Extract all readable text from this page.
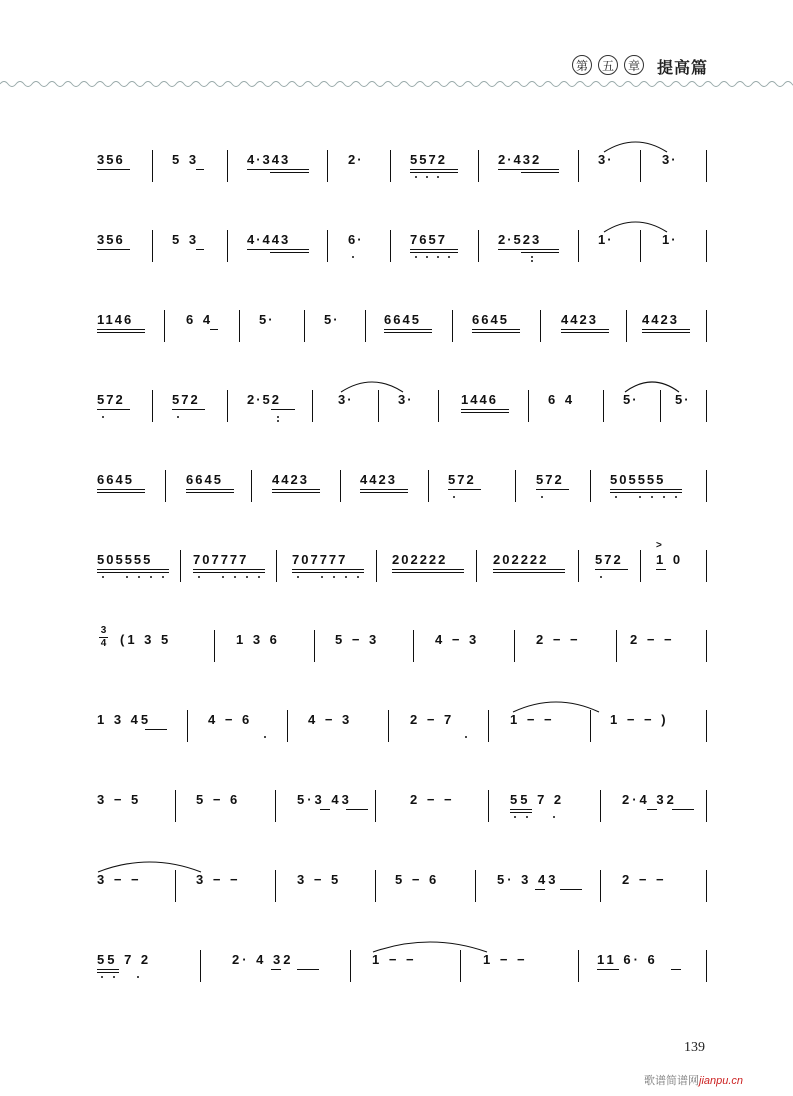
第	五	章 提高篇
356	5 3	4·343	2·	5572	2·432	3·	3·
356	5 3	4·443	6·	7657	2·523	1·	1·
1146	6 4	5·	5·	6645	6645	4423	4423
572	572	2·52	3·	3·	1446	6 4	5·	5·
6645	6645	4423	4423	572	572	505555
505555	707777	707777	202222	202222	572	1 0
>
(1 3 5	1 3 6	5 − 3	4 − 3	2 − −	2 − −
3
4
1 3 45	4 − 6	4 − 3	2 − 7	1 − −	1 − − )
3 − 5	5 − 6	5·3 43	2 − −	55 7 2	2·4 32
3 − −	3 − −	3 − 5	5 − 6	5· 3 43	2 − −
55 7 2	2· 4 32	1 − −	1 − −	11 6· 6
139
歌谱简谱网jianpu.cn
